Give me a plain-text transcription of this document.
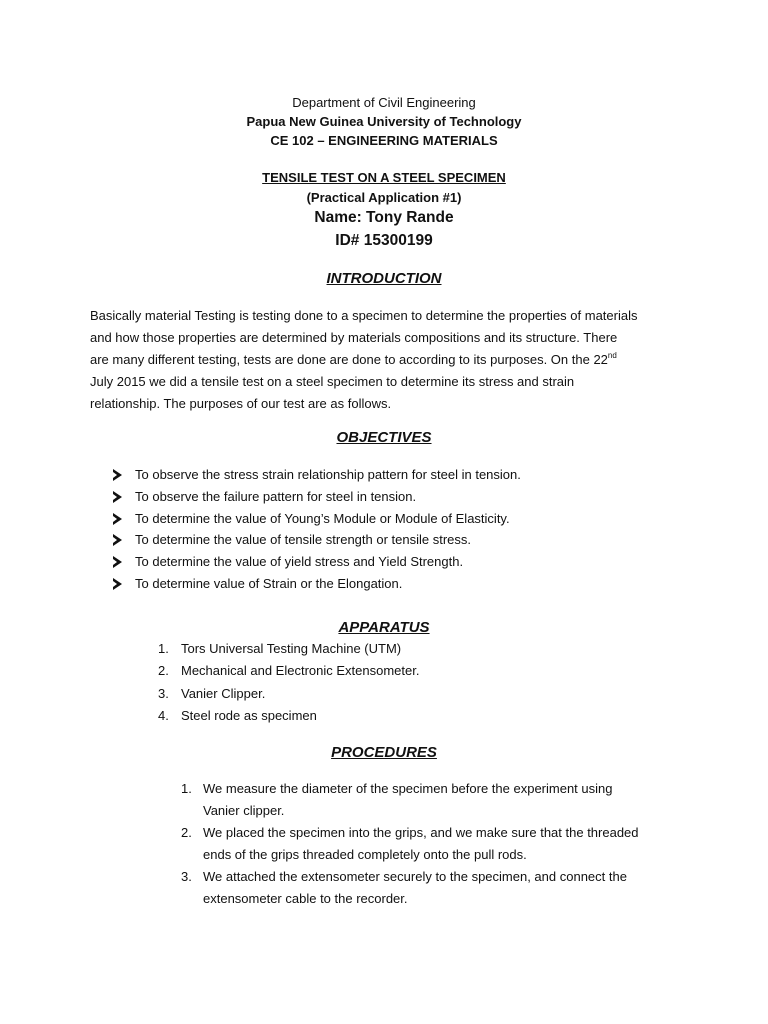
Department of Civil Engineering
Papua New Guinea University of Technology
CE 102 – ENGINEERING MATERIALS
TENSILE TEST ON A STEEL SPECIMEN
(Practical Application #1)
Name: Tony Rande
ID# 15300199
INTRODUCTION

Basically material Testing is testing done to a specimen to determine the properties of materials

and how those properties are determined by materials compositions and its structure. There

are many different testing, tests are done are done to according to its purposes. On the 22nd

July 2015 we did a tensile test on a steel specimen to determine its stress and strain

relationship. The purposes of our test are as follows.

OBJECTIVES
To observe the stress strain relationship pattern for steel in tension.
To observe the failure pattern for steel in tension.
To determine the value of Young’s Module or Module of Elasticity.
To determine the value of tensile strength or tensile stress.
To determine the value of yield stress and Yield Strength.
To determine value of Strain or the Elongation.
APPARATUS
1. Tors Universal Testing Machine (UTM)
2. Mechanical and Electronic Extensometer.
3. Vanier Clipper.
4. Steel rode as specimen
PROCEDURES
1. We measure the diameter of the specimen before the experiment using
Vanier clipper.
2. We placed the specimen into the grips, and we make sure that the threaded
ends of the grips threaded completely onto the pull rods.
3. We attached the extensometer securely to the specimen, and connect the
extensometer cable to the recorder.
